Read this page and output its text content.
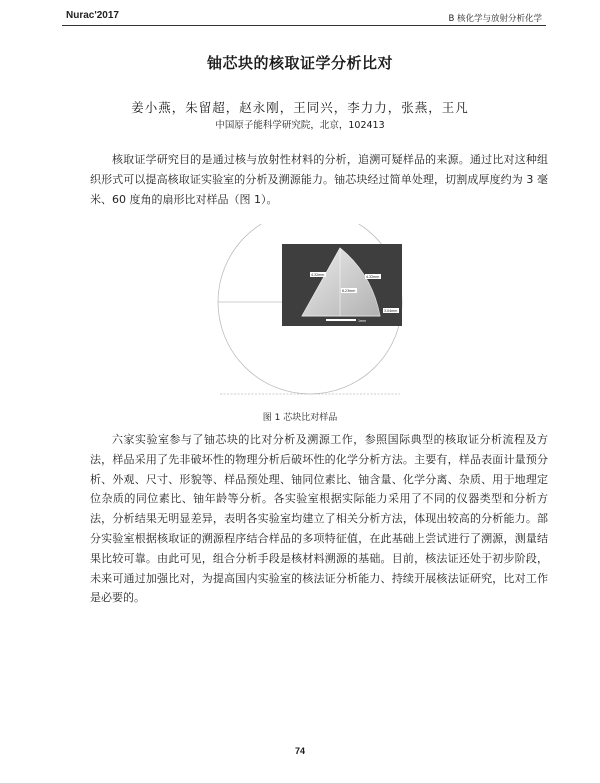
Nurac'2017	B 核化学与放射分析化学
铀芯块的核取证学分析比对
姜小燕，朱留超，赵永刚，王同兴，李力力，张燕，王凡
中国原子能科学研究院，北京，102413

核取证学研究目的是通过核与放射性材料的分析，追溯可疑样品的来源。通过比对这种组织形式可以提高核取证实验室的分析及溯源能力。铀芯块经过简单处理，切割成厚度约为 3 毫米、60 度角的扇形比对样品（图 1）。

4.32mm
6.23mm
4.32mm
3.04mm
1mm
图 1 芯块比对样品

六家实验室参与了铀芯块的比对分析及溯源工作，参照国际典型的核取证分析流程及方法，样品采用了先非破坏性的物理分析后破坏性的化学分析方法。主要有，样品表面计量预分析、外观、尺寸、形貌等、样品预处理、铀同位素比、铀含量、化学分离、杂质、用于地理定位杂质的同位素比、铀年龄等分析。各实验室根据实际能力采用了不同的仪器类型和分析方法，分析结果无明显差异，表明各实验室均建立了相关分析方法，体现出较高的分析能力。部分实验室根据核取证的溯源程序结合样品的多项特征值，在此基础上尝试进行了溯源，测量结果比较可靠。由此可见，组合分析手段是核材料溯源的基础。目前，核法证还处于初步阶段，未来可通过加强比对，为提高国内实验室的核法证分析能力、持续开展核法证研究，比对工作是必要的。

74
